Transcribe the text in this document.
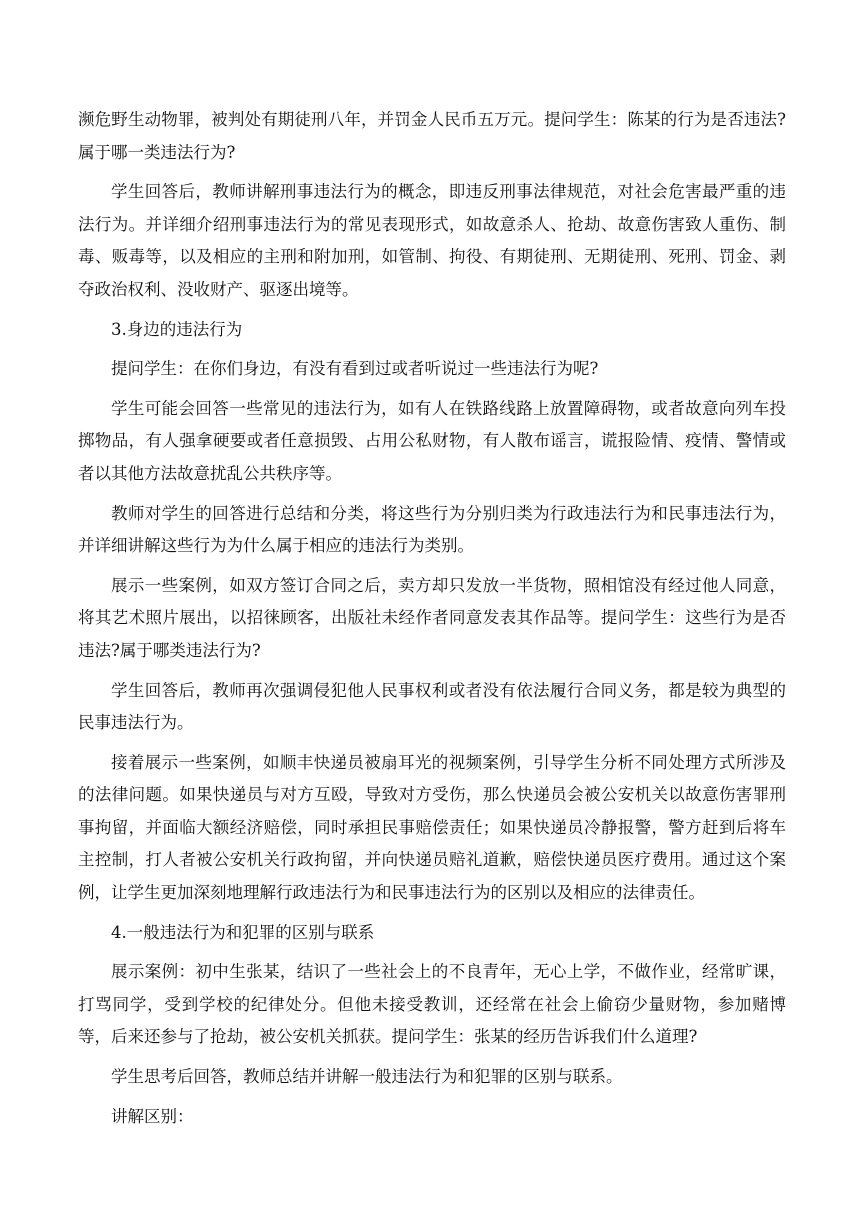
濒危野生动物罪，被判处有期徒刑八年，并罚金人民币五万元。提问学生：陈某的行为是否违法?属于哪一类违法行为?

学生回答后，教师讲解刑事违法行为的概念，即违反刑事法律规范，对社会危害最严重的违法行为。并详细介绍刑事违法行为的常见表现形式，如故意杀人、抢劫、故意伤害致人重伤、制毒、贩毒等，以及相应的主刑和附加刑，如管制、拘役、有期徒刑、无期徒刑、死刑、罚金、剥夺政治权利、没收财产、驱逐出境等。

3.身边的违法行为

提问学生：在你们身边，有没有看到过或者听说过一些违法行为呢?

学生可能会回答一些常见的违法行为，如有人在铁路线路上放置障碍物，或者故意向列车投掷物品，有人强拿硬要或者任意损毁、占用公私财物，有人散布谣言，谎报险情、疫情、警情或者以其他方法故意扰乱公共秩序等。

教师对学生的回答进行总结和分类，将这些行为分别归类为行政违法行为和民事违法行为，并详细讲解这些行为为什么属于相应的违法行为类别。

展示一些案例，如双方签订合同之后，卖方却只发放一半货物，照相馆没有经过他人同意，将其艺术照片展出，以招徕顾客，出版社未经作者同意发表其作品等。提问学生：这些行为是否违法?属于哪类违法行为?

学生回答后，教师再次强调侵犯他人民事权利或者没有依法履行合同义务，都是较为典型的民事违法行为。

接着展示一些案例，如顺丰快递员被扇耳光的视频案例，引导学生分析不同处理方式所涉及的法律问题。如果快递员与对方互殴，导致对方受伤，那么快递员会被公安机关以故意伤害罪刑事拘留，并面临大额经济赔偿，同时承担民事赔偿责任；如果快递员冷静报警，警方赶到后将车主控制，打人者被公安机关行政拘留，并向快递员赔礼道歉，赔偿快递员医疗费用。通过这个案例，让学生更加深刻地理解行政违法行为和民事违法行为的区别以及相应的法律责任。

4.一般违法行为和犯罪的区别与联系

展示案例：初中生张某，结识了一些社会上的不良青年，无心上学，不做作业，经常旷课，打骂同学，受到学校的纪律处分。但他未接受教训，还经常在社会上偷窃少量财物，参加赌博等，后来还参与了抢劫，被公安机关抓获。提问学生：张某的经历告诉我们什么道理?

学生思考后回答，教师总结并讲解一般违法行为和犯罪的区别与联系。

讲解区别：
